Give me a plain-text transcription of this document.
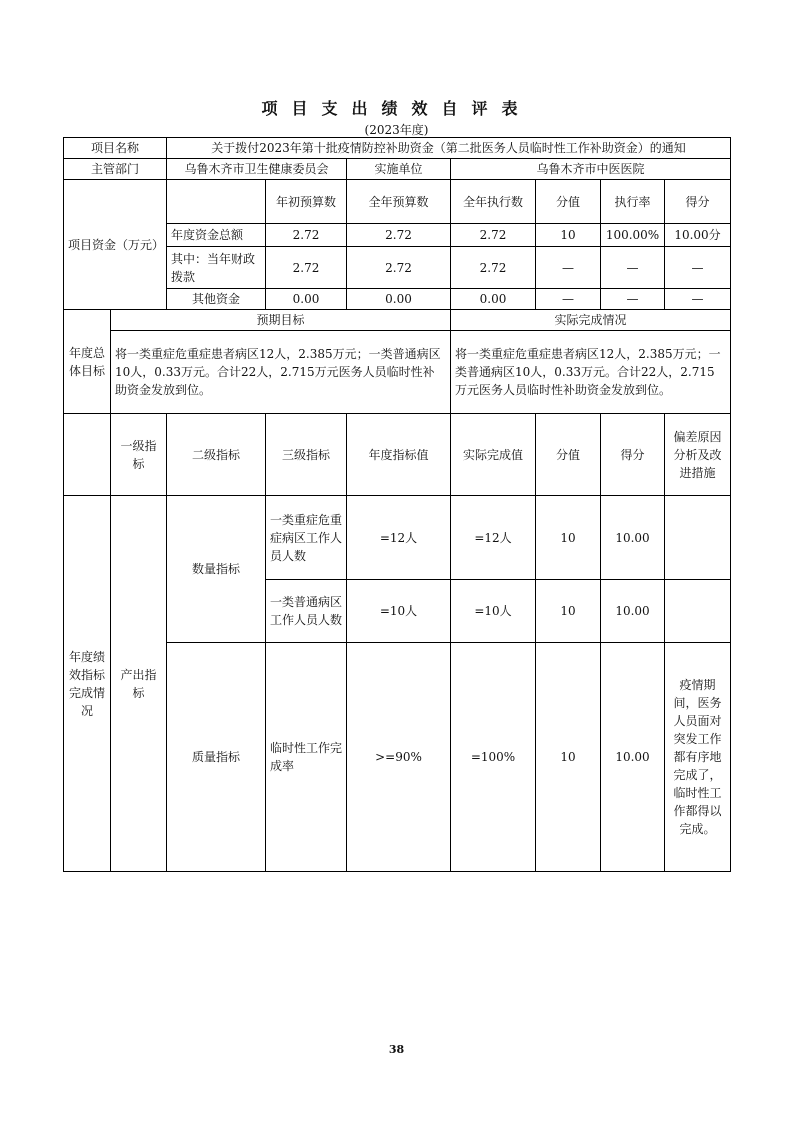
项目支出绩效自评表
(2023年度)
项目名称		关于拨付2023年第十批疫情防控补助资金（第二批医务人员临时性工作补助资金）的通知						
主管部门		乌鲁木齐市卫生健康委员会		实施单位	乌鲁木齐市中医医院			
项目资金（万元）			年初预算数	全年预算数	全年执行数	分值	执行率	得分
		年度资金总额	2.72	2.72	2.72	10	100.00%	10.00分
		其中：当年财政拨款	2.72	2.72	2.72	—	—	—
		其他资金	0.00	0.00	0.00	—	—	—
年度总体目标	预期目标				实际完成情况			
	将一类重症危重症患者病区12人，2.385万元；一类普通病区10人，0.33万元。合计22人，2.715万元医务人员临时性补助资金发放到位。				将一类重症危重症患者病区12人，2.385万元；一类普通病区10人，0.33万元。合计22人，2.715万元医务人员临时性补助资金发放到位。			
	一级指标	二级指标	三级指标	年度指标值	实际完成值	分值	得分	偏差原因分析及改进措施
年度绩效指标完成情况	产出指标	数量指标	一类重症危重症病区工作人员人数	=12人	=12人	10	10.00	
			一类普通病区工作人员人数	=10人	=10人	10	10.00	
		质量指标	临时性工作完成率	>=90%	=100%	10	10.00	疫情期间，医务人员面对突发工作都有序地完成了，临时性工作都得以完成。
38
